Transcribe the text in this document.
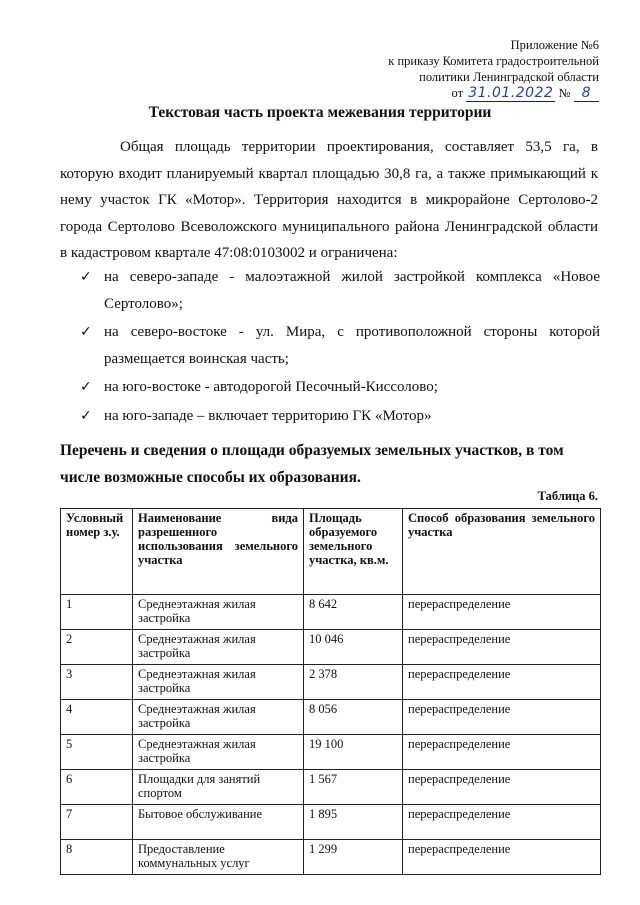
Приложение №6
к приказу Комитета градостроительной
политики Ленинградской области
от 31.01.2022 № 8
Текстовая часть проекта межевания территории

Общая площадь территории проектирования, составляет 53,5 га, в которую входит планируемый квартал площадью 30,8 га, а также примыкающий к нему участок ГК «Мотор». Территория находится в микрорайоне Сертолово-2 города Сертолово Всеволожского муниципального района Ленинградской области в кадастровом квартале 47:08:0103002 и ограничена:

✓ на северо-западе - малоэтажной жилой застройкой комплекса «Новое Сертолово»;
✓ на северо-востоке - ул. Мира, с противоположной стороны которой размещается воинская часть;
✓ на юго-востоке - автодорогой Песочный-Киссолово;
✓ на юго-западе – включает территорию ГК «Мотор»

Перечень и сведения о площади образуемых земельных участков, в том числе возможные способы их образования.

Таблица 6.
Условный номер з.у.	Наименование вида разрешенного использования земельного участка	Площадь образуемого земельного участка, кв.м.	Способ образования земельного участка
1	Среднеэтажная жилая застройка	8 642	перераспределение
2	Среднеэтажная жилая застройка	10 046	перераспределение
3	Среднеэтажная жилая застройка	2 378	перераспределение
4	Среднеэтажная жилая застройка	8 056	перераспределение
5	Среднеэтажная жилая застройка	19 100	перераспределение
6	Площадки для занятий спортом	1 567	перераспределение
7	Бытовое обслуживание	1 895	перераспределение
8	Предоставление коммунальных услуг	1 299	перераспределение
